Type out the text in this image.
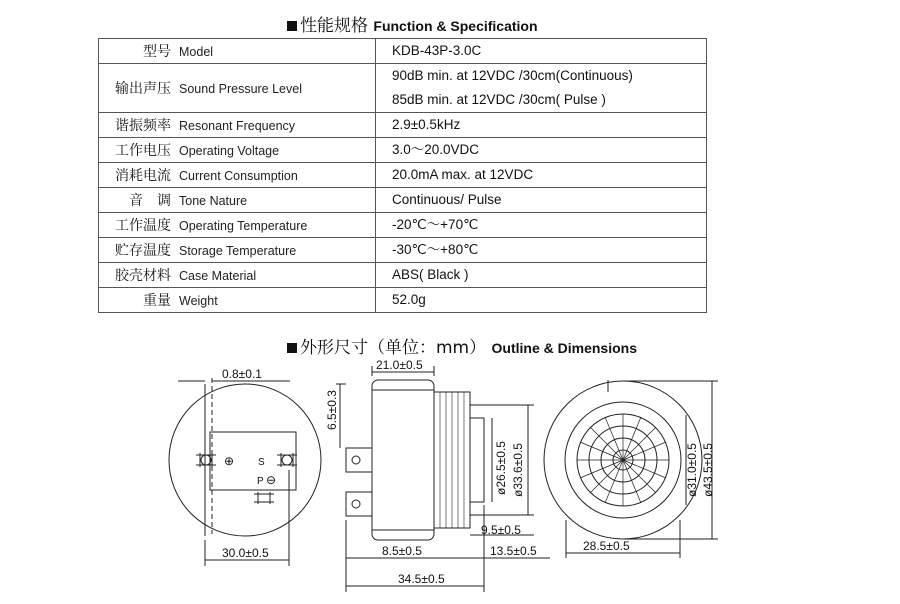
性能规格 Function & Specification
型号 Model	KDB-43P-3.0C

输出声压 Sound Pressure Level	90dB min. at 12VDC /30cm(Continuous)
85dB min. at 12VDC /30cm( Pulse )

谐振频率 Resonant Frequency	2.9±0.5kHz

工作电压 Operating Voltage	3.0～20.0VDC

消耗电流 Current Consumption	20.0mA max. at 12VDC

音　调 Tone Nature	Continuous/ Pulse

工作温度 Operating Temperature	-20℃～+70℃

贮存温度 Storage Temperature	-30℃～+80℃

胶壳材料 Case Material	ABS( Black )

重量 Weight	52.0g
外形尺寸（单位：mm） Outline & Dimensions
⊕ S
P ⊖
0.8±0.1
30.0±0.5
21.0±0.5
6.5±0.3
ø26.5±0.5 ø33.6±0.5
9.5±0.5
8.5±0.5	13.5±0.5
34.5±0.5
ø31.0±0.5 ø43.5±0.5
28.5±0.5
